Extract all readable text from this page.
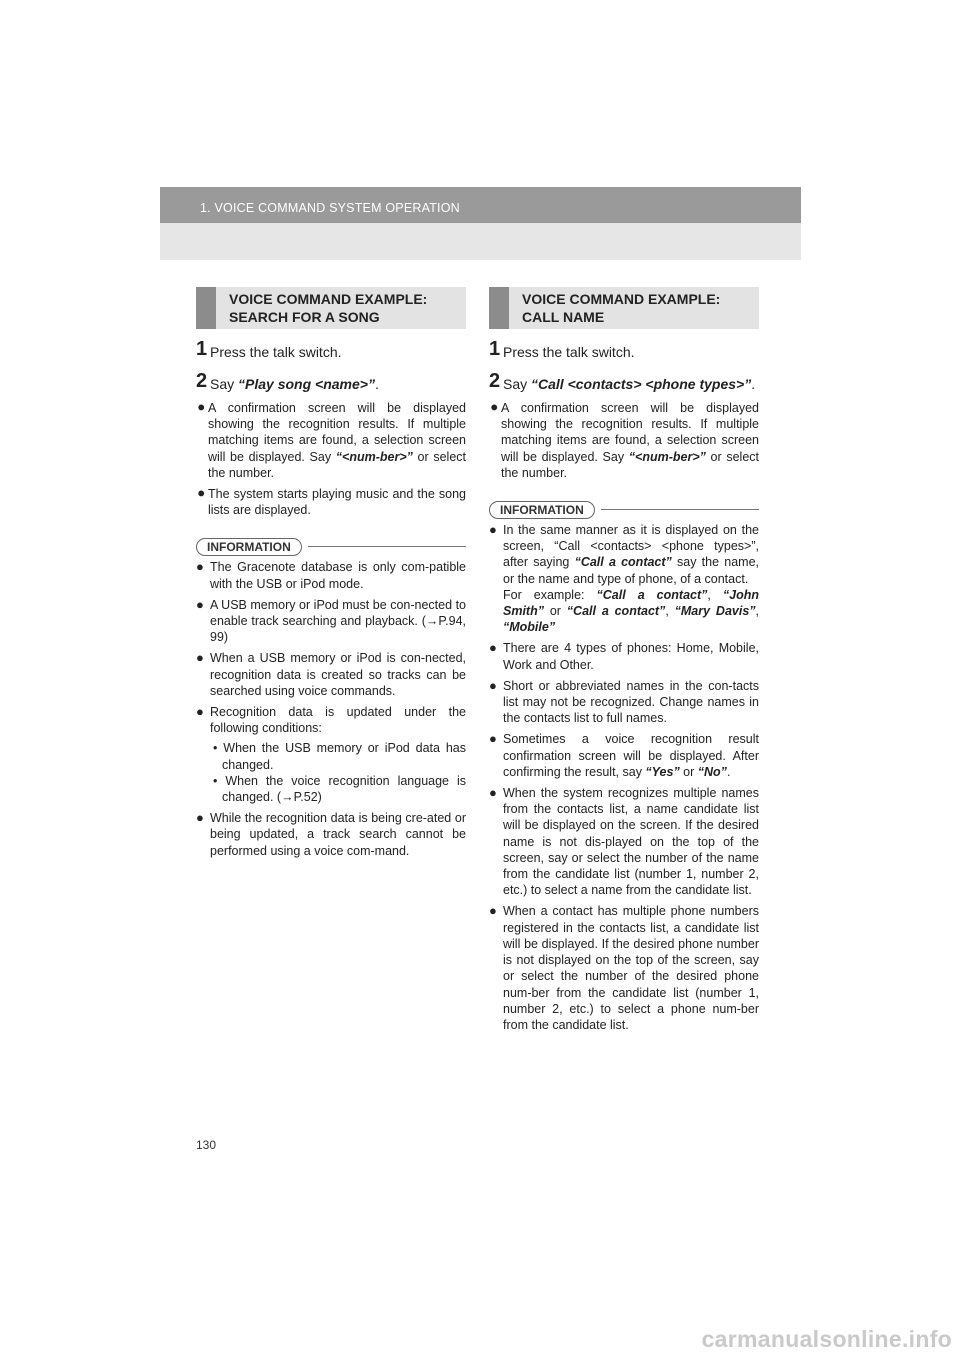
1. VOICE COMMAND SYSTEM OPERATION
VOICE COMMAND EXAMPLE:
SEARCH FOR A SONG
1 Press the talk switch.
2 Say “Play song <name>”.
⚫ A confirmation screen will be displayed showing the recognition results. If multiple matching items are found, a selection screen will be displayed. Say “<num-ber>” or select the number.
⚫ The system starts playing music and the song lists are displayed.
INFORMATION
● The Gracenote database is only com-patible with the USB or iPod mode.
● A USB memory or iPod must be con-nected to enable track searching and playback. (→P.94, 99)
● When a USB memory or iPod is con-nected, recognition data is created so tracks can be searched using voice commands.
● Recognition data is updated under the following conditions:
• When the USB memory or iPod data has changed.
• When the voice recognition language is changed. (→P.52)
● While the recognition data is being cre-ated or being updated, a track search cannot be performed using a voice com-mand.
VOICE COMMAND EXAMPLE:
CALL NAME
1 Press the talk switch.
2 Say “Call <contacts> <phone types>”.
⚫ A confirmation screen will be displayed showing the recognition results. If multiple matching items are found, a selection screen will be displayed. Say “<num-ber>” or select the number.
INFORMATION
● In the same manner as it is displayed on the screen, “Call <contacts> <phone types>”, after saying “Call a contact” say the name, or the name and type of phone, of a contact.
For example: “Call a contact”, “John Smith” or “Call a contact”, “Mary Davis”, “Mobile”
● There are 4 types of phones: Home, Mobile, Work and Other.
● Short or abbreviated names in the con-tacts list may not be recognized. Change names in the contacts list to full names.
● Sometimes a voice recognition result confirmation screen will be displayed. After confirming the result, say “Yes” or “No”.
● When the system recognizes multiple names from the contacts list, a name candidate list will be displayed on the screen. If the desired name is not dis-played on the top of the screen, say or select the number of the name from the candidate list (number 1, number 2, etc.) to select a name from the candidate list.
● When a contact has multiple phone numbers registered in the contacts list, a candidate list will be displayed. If the desired phone number is not displayed on the top of the screen, say or select the number of the desired phone num-ber from the candidate list (number 1, number 2, etc.) to select a phone num-ber from the candidate list.
130
carmanualsonline.info
